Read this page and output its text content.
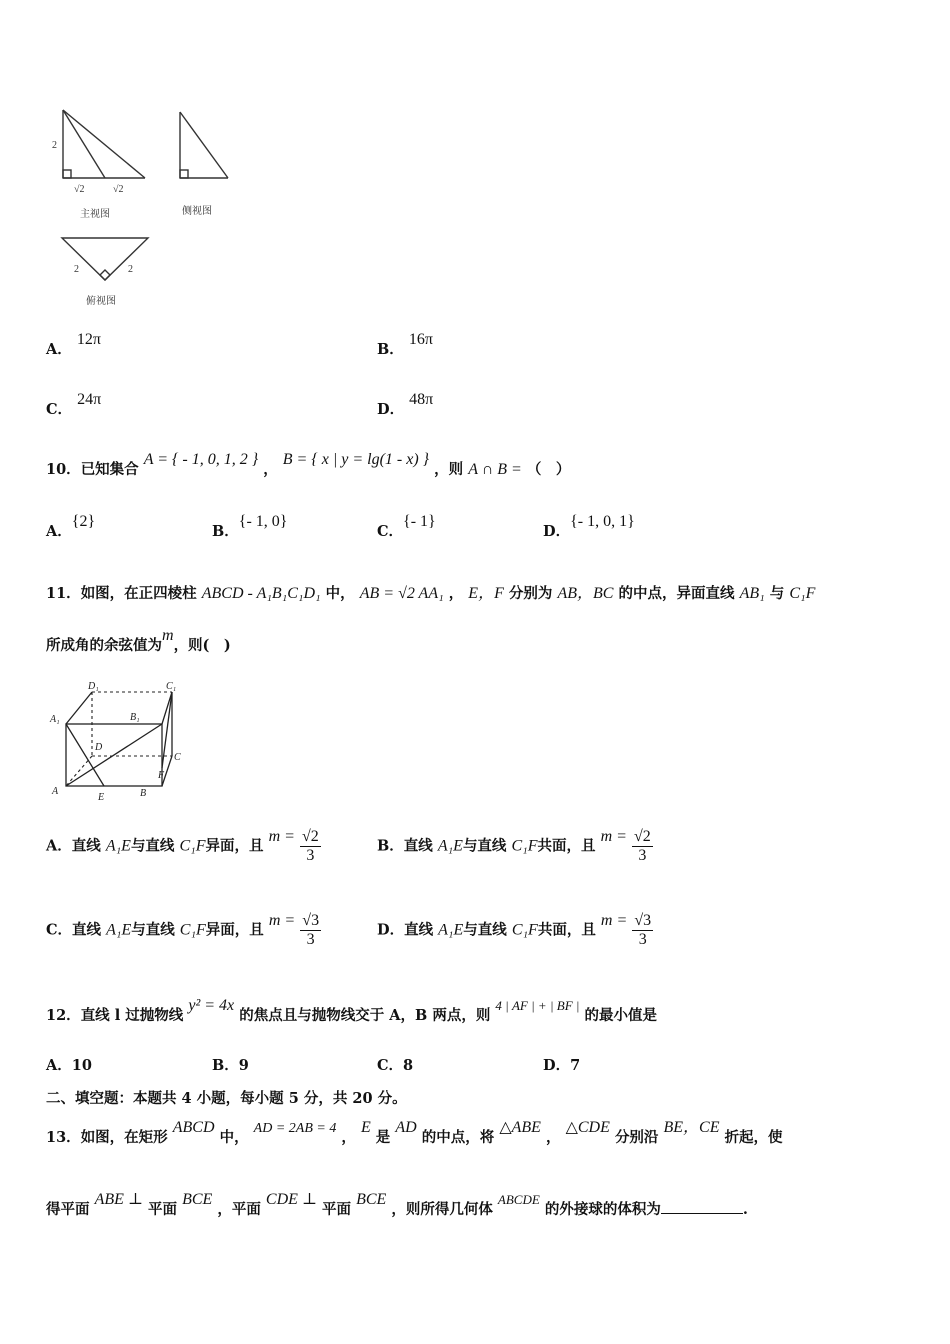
2
√2	√2
主视图	侧视图
2	2
俯视图
A． 12π
B． 16π
C． 24π
D． 48π
10．已知集合 A = { - 1, 0, 1, 2 } ， B = { x | y = lg(1 - x) } ，则 A ∩ B = （　）
A．{2}
B．{- 1, 0}
C．{- 1}
D．{- 1, 0, 1}
11．如图，在正四棱柱 ABCD - A₁B₁C₁D₁ 中， AB = √2 AA₁ ， E，F 分别为 AB，BC 的中点，异面直线 AB₁ 与 C₁F
所成角的余弦值为m，则(　)
D₁	C₁
A₁	B₁
D
C
A
E	B
F
A．直线 A₁E与直线 C₁F异面，且 $m = \frac{√2}{3}$	B．直线 A₁E与直线 C₁F共面，且 $m = \frac{√2}{3}$
C．直线 A₁E与直线 C₁F异面，且 $m = \frac{√3}{3}$	D．直线 A₁E与直线 C₁F共面，且 $m = \frac{√3}{3}$
12．直线 l 过抛物线 y² = 4x 的焦点且与抛物线交于 A，B 两点，则 4 | AF | + | BF | 的最小值是
A．10	B．9	C．8	D．7
二、填空题：本题共 4 小题，每小题 5 分，共 20 分。
13．如图，在矩形 ABCD 中， AD = 2AB = 4 ， E 是 AD 的中点，将 △ABE ， △CDE 分别沿 BE，CE 折起，使
得平面 ABE ⊥ 平面 BCE ，平面 CDE ⊥ 平面 BCE ，则所得几何体 ABCDE 的外接球的体积为	.
